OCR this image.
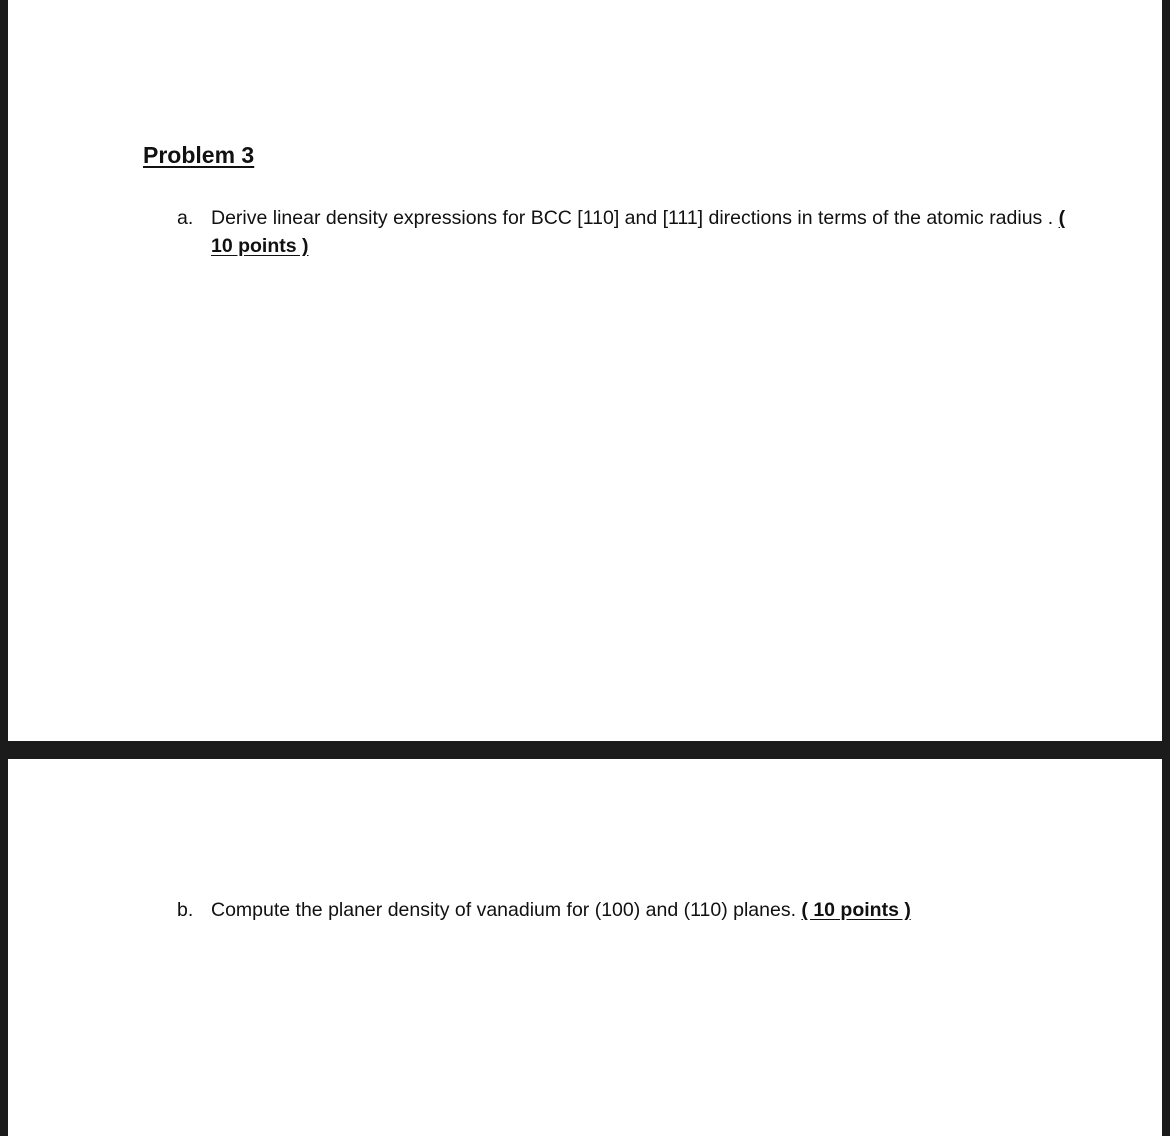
Problem 3
a. Derive linear density expressions for BCC [110] and [111] directions in terms of the atomic radius . ( 10 points )
b. Compute the planer density of vanadium for (100) and (110) planes. ( 10 points )
